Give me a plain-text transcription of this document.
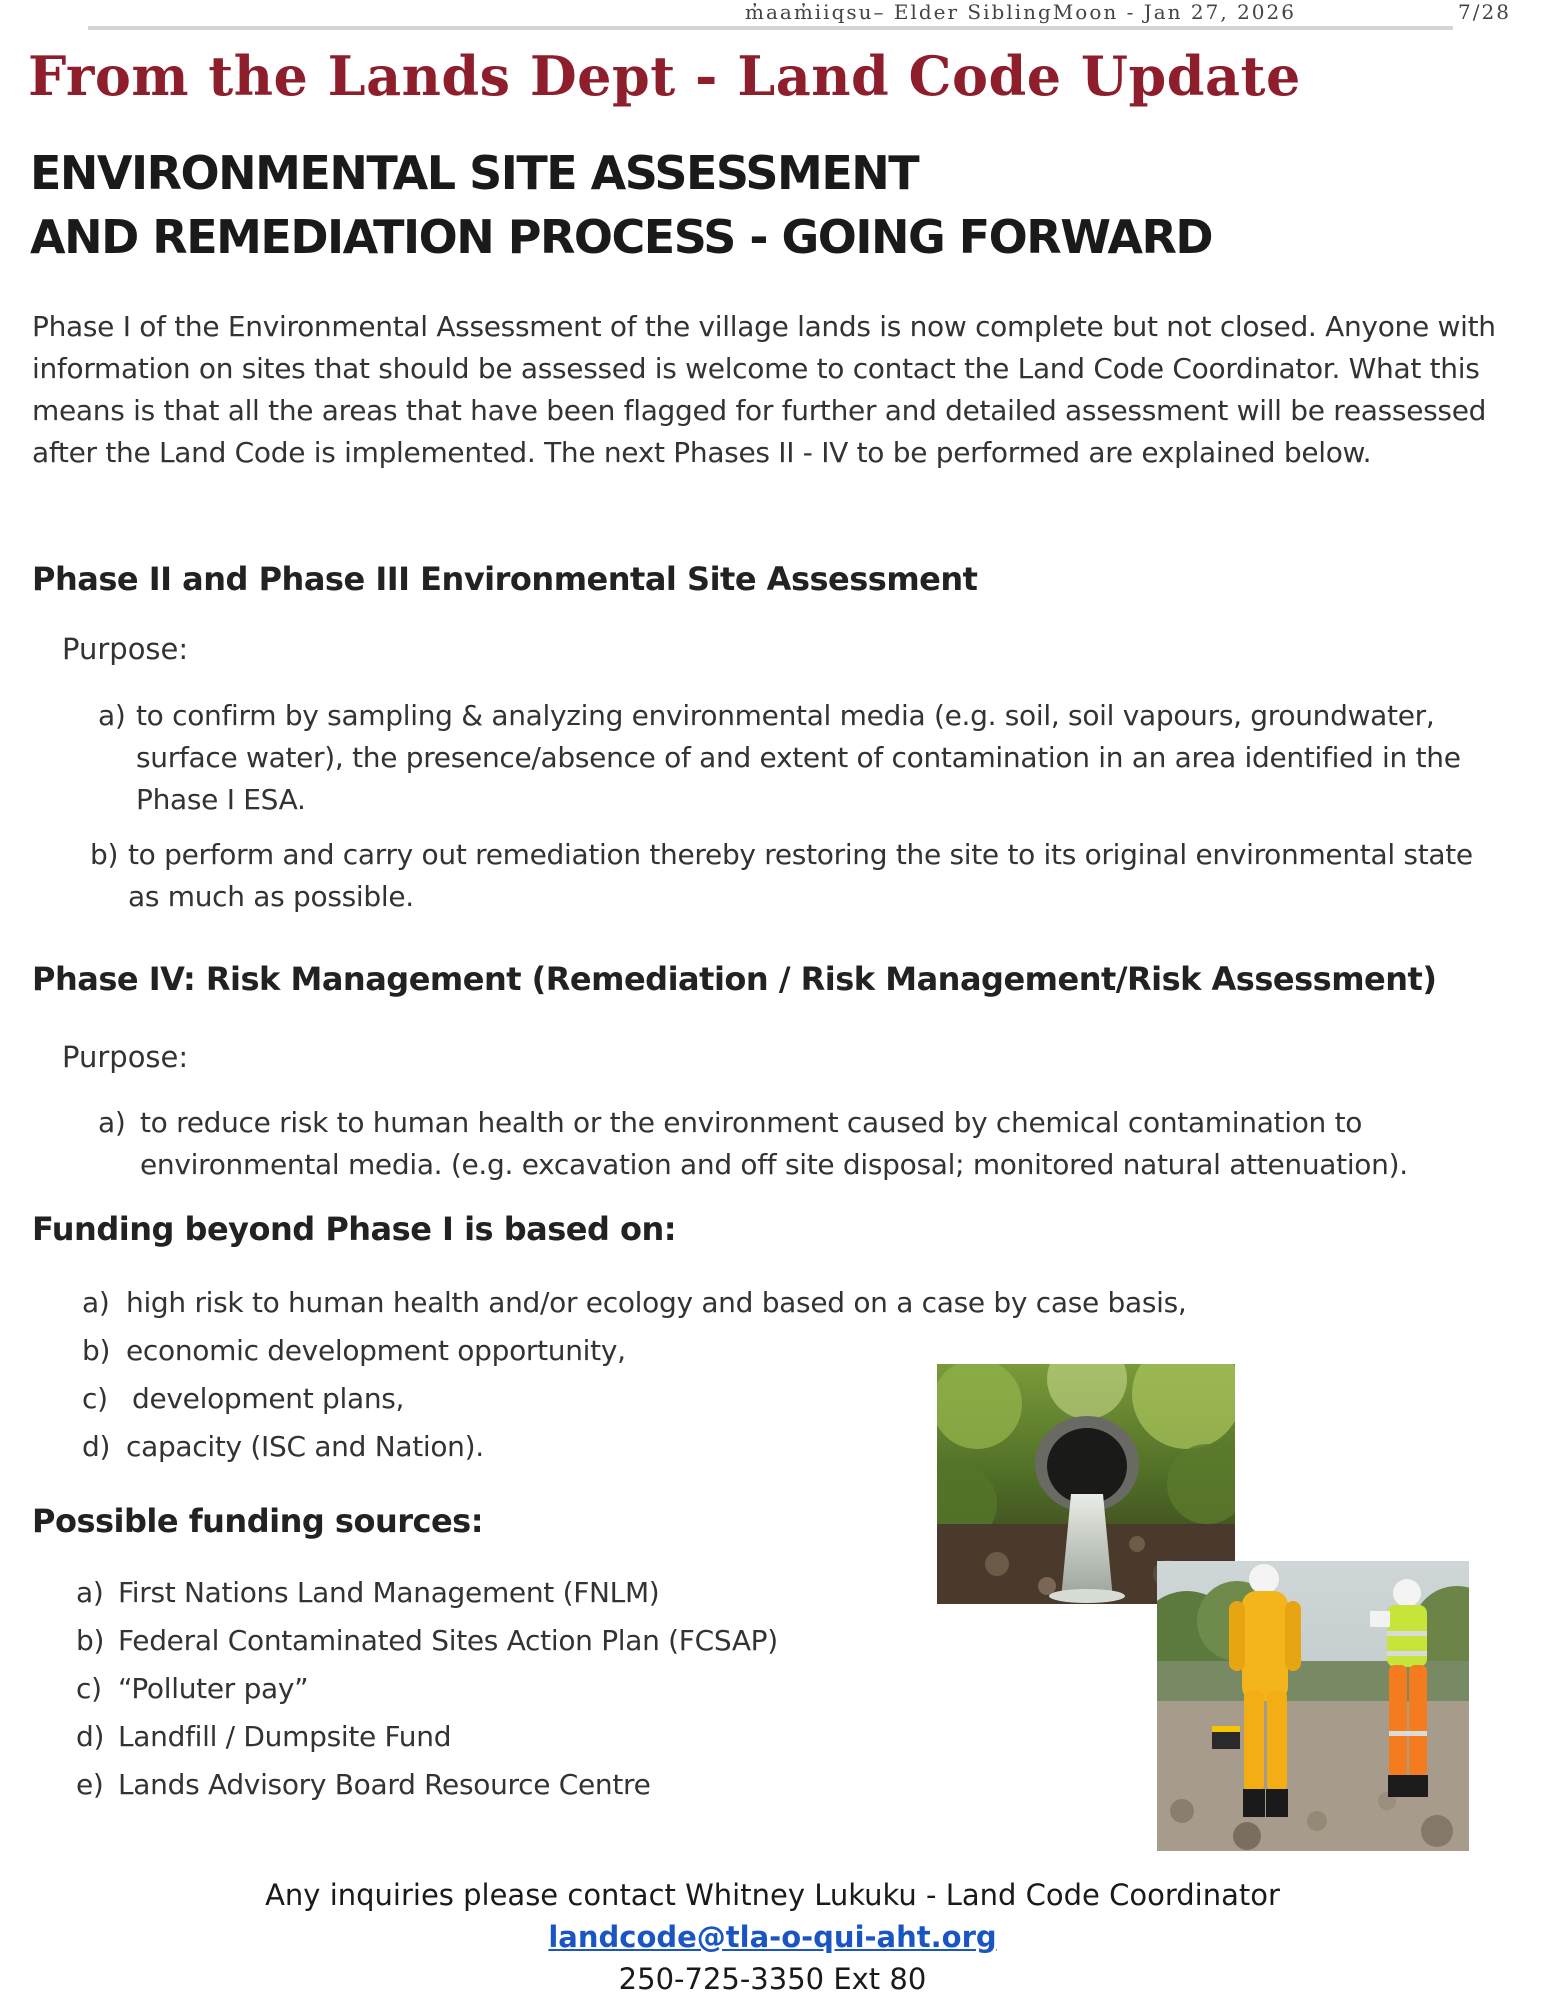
m̓aam̓iiqsu– Elder SiblingMoon - Jan 27, 2026	7/28
From the Lands Dept - Land Code Update
ENVIRONMENTAL SITE ASSESSMENT
AND REMEDIATION PROCESS - GOING FORWARD
Phase I of the Environmental Assessment of the village lands is now complete but not closed. Anyone with information on sites that should be assessed is welcome to contact the Land Code Coordinator. What this means is that all the areas that have been flagged for further and detailed assessment will be reassessed after the Land Code is implemented. The next Phases II - IV to be performed are explained below.
Phase II and Phase III Environmental Site Assessment
Purpose:
a) to confirm by sampling & analyzing environmental media (e.g. soil, soil vapours, groundwater, surface water), the presence/absence of and extent of contamination in an area identified in the Phase I ESA.
b) to perform and carry out remediation thereby restoring the site to its original environmental state as much as possible.
Phase IV: Risk Management (Remediation / Risk Management/Risk Assessment)
Purpose:
a) to reduce risk to human health or the environment caused by chemical contamination to environmental media. (e.g. excavation and off site disposal; monitored natural attenuation).
Funding beyond Phase I is based on:
a) high risk to human health and/or ecology and based on a case by case basis,
b) economic development opportunity,
c) development plans,
d) capacity (ISC and Nation).
Possible funding sources:
a) First Nations Land Management (FNLM)
b) Federal Contaminated Sites Action Plan (FCSAP)
c) “Polluter pay”
d) Landfill / Dumpsite Fund
e) Lands Advisory Board Resource Centre
Any inquiries please contact Whitney Lukuku - Land Code Coordinator
landcode@tla-o-qui-aht.org
250-725-3350 Ext 80
